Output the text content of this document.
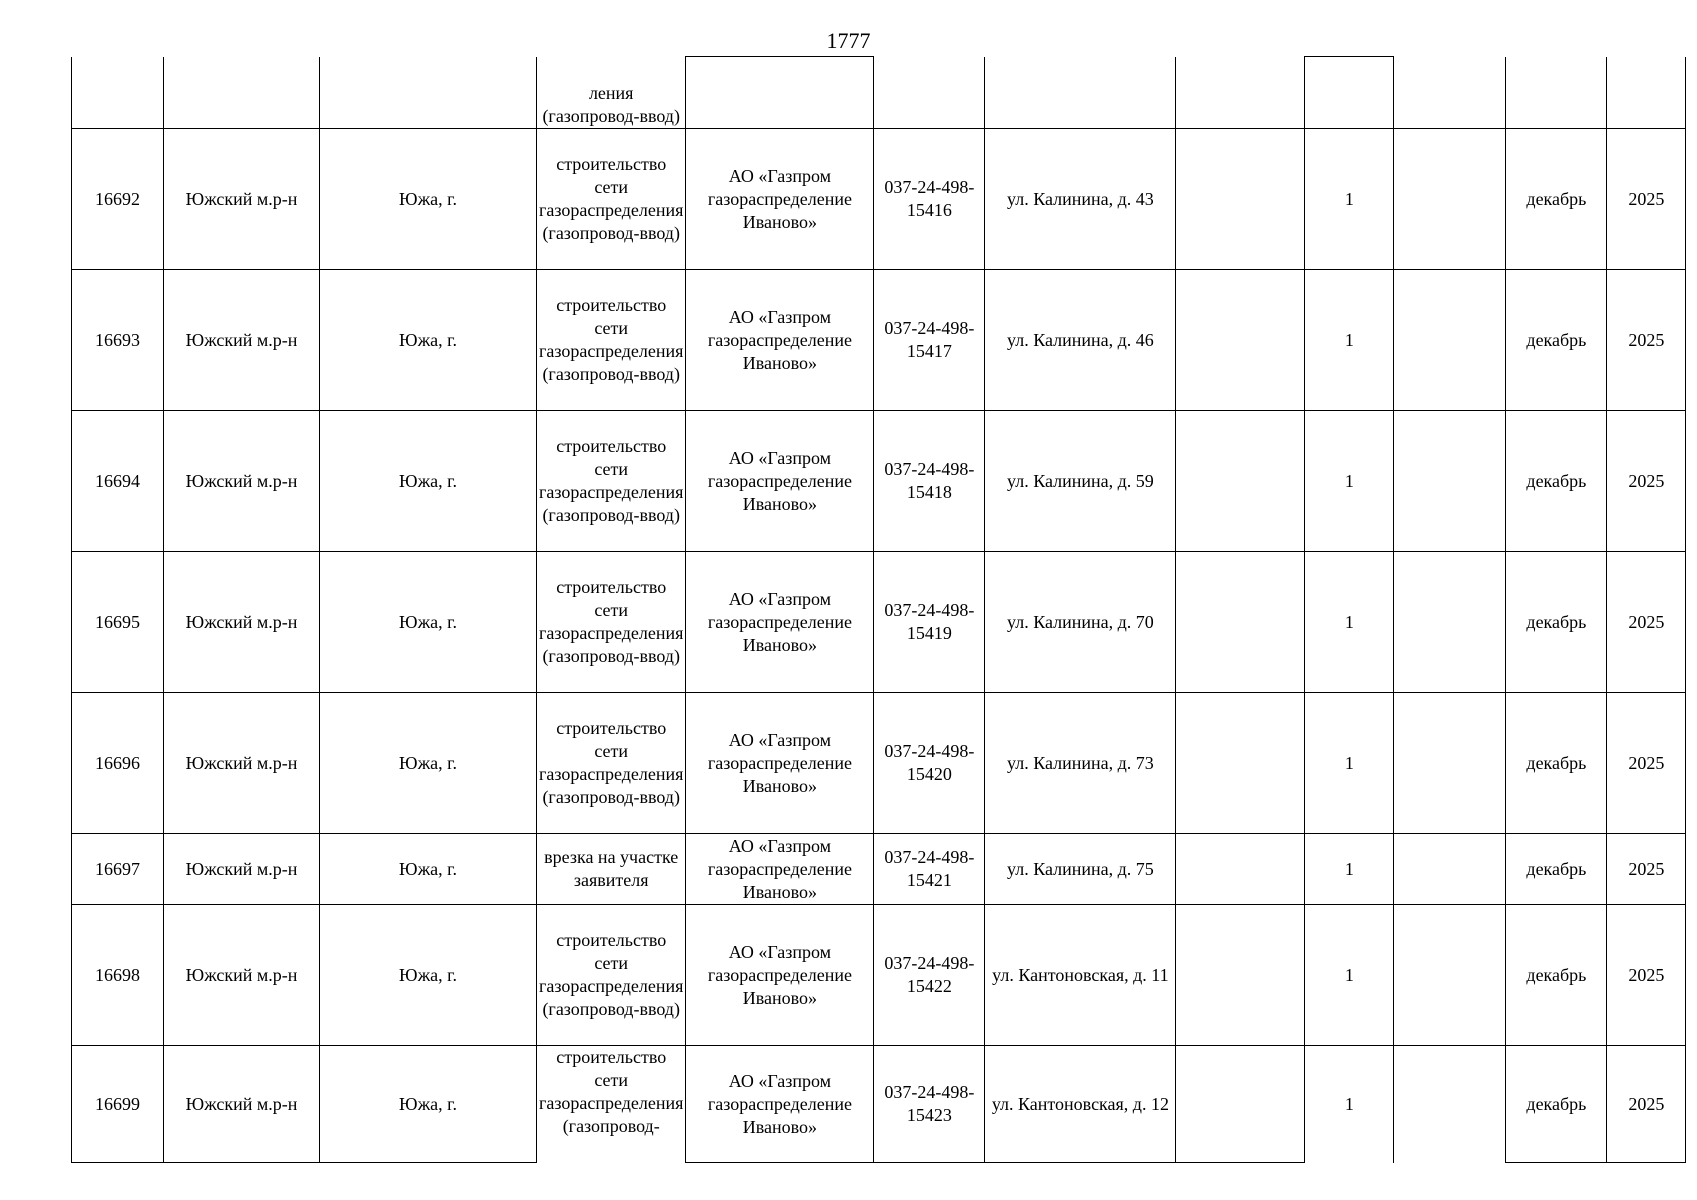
1777

			ления (газопровод-ввод)								

16692	Южский м.р-н	Южа, г.	строительство сети газораспределения (газопровод-ввод)	АО «Газпром газораспределение Иваново»	037-24-498-15416	ул. Калинина, д. 43		1		декабрь	2025

16693	Южский м.р-н	Южа, г.	строительство сети газораспределения (газопровод-ввод)	АО «Газпром газораспределение Иваново»	037-24-498-15417	ул. Калинина, д. 46		1		декабрь	2025

16694	Южский м.р-н	Южа, г.	строительство сети газораспределения (газопровод-ввод)	АО «Газпром газораспределение Иваново»	037-24-498-15418	ул. Калинина, д. 59		1		декабрь	2025

16695	Южский м.р-н	Южа, г.	строительство сети газораспределения (газопровод-ввод)	АО «Газпром газораспределение Иваново»	037-24-498-15419	ул. Калинина, д. 70		1		декабрь	2025

16696	Южский м.р-н	Южа, г.	строительство сети газораспределения (газопровод-ввод)	АО «Газпром газораспределение Иваново»	037-24-498-15420	ул. Калинина, д. 73		1		декабрь	2025

16697	Южский м.р-н	Южа, г.	врезка на участке заявителя	АО «Газпром газораспределение Иваново»	037-24-498-15421	ул. Калинина, д. 75		1		декабрь	2025

16698	Южский м.р-н	Южа, г.	строительство сети газораспределения (газопровод-ввод)	АО «Газпром газораспределение Иваново»	037-24-498-15422	ул. Кантоновская, д. 11		1		декабрь	2025

16699	Южский м.р-н	Южа, г.	строительство сети газораспределения (газопровод-	АО «Газпром газораспределение Иваново»	037-24-498-15423	ул. Кантоновская, д. 12		1		декабрь	2025
